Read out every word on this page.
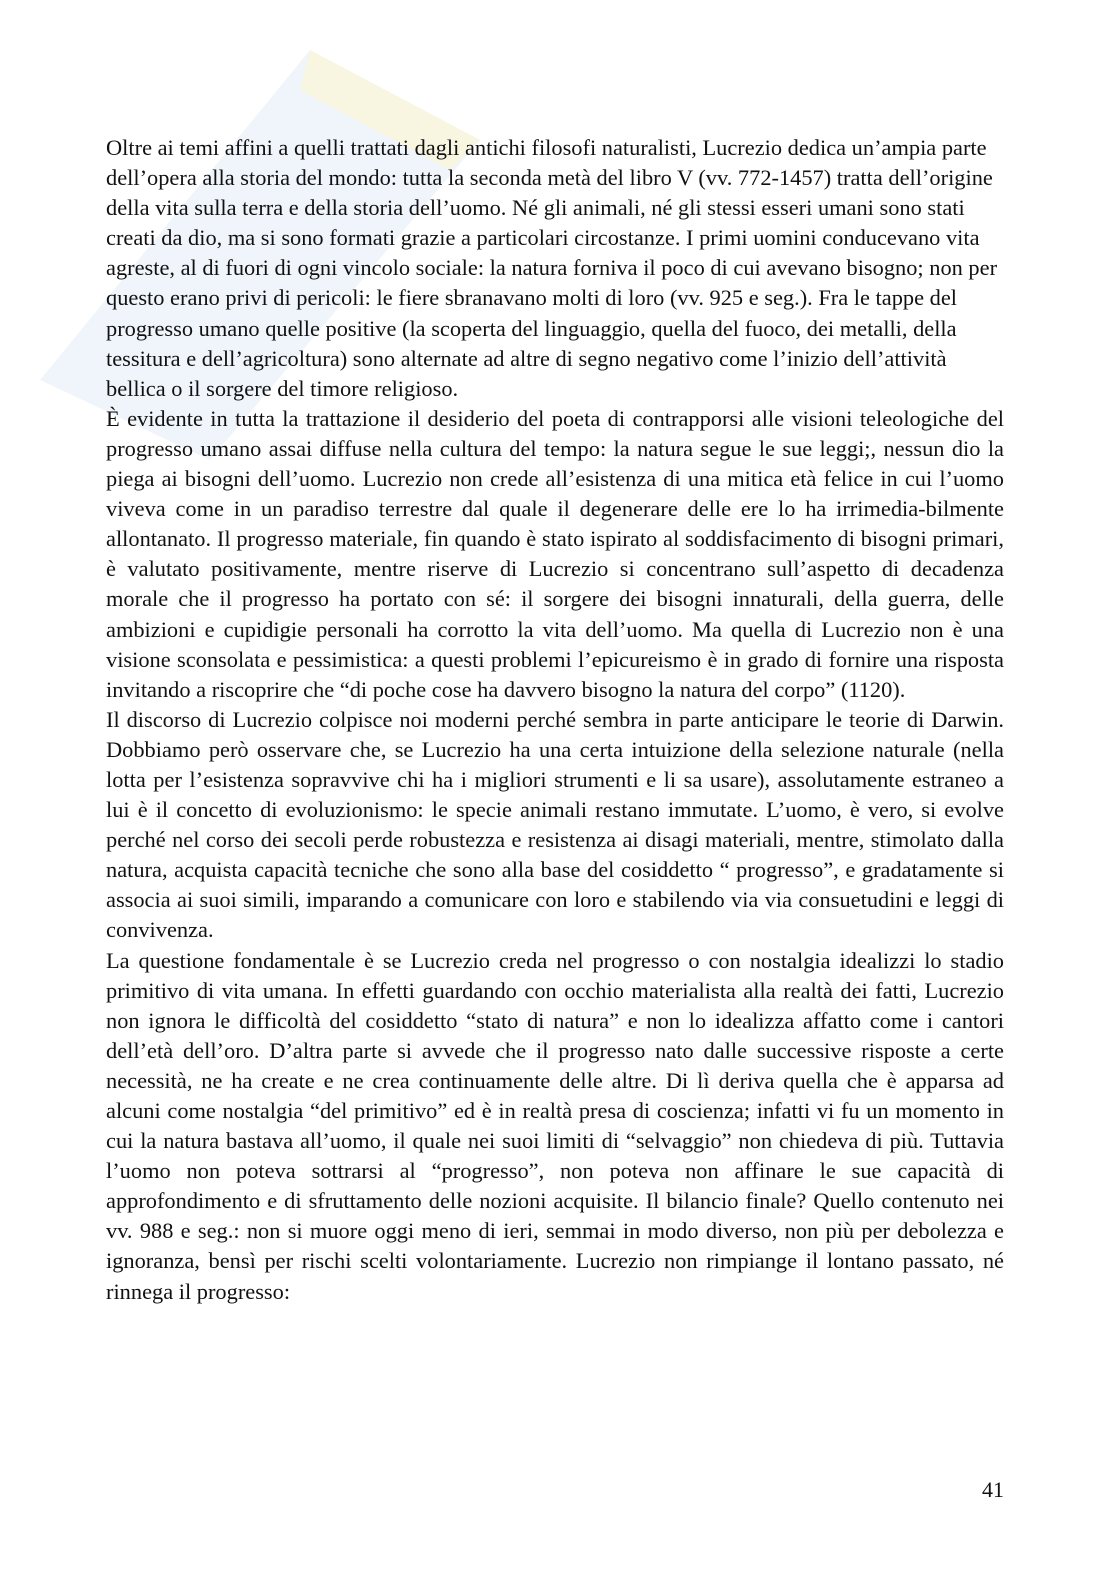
Oltre ai temi affini a quelli trattati dagli antichi filosofi naturalisti, Lucrezio dedica un’ampia parte dell’opera alla storia del mondo: tutta la seconda metà del libro V (vv. 772-1457) tratta dell’origine della vita sulla terra e della storia dell’uomo. Né gli animali, né gli stessi esseri umani sono stati creati da dio, ma si sono formati grazie a particolari circostanze. I primi uomini conducevano vita agreste, al di fuori di ogni vincolo sociale: la natura forniva il poco di cui avevano bisogno; non per questo erano privi di pericoli: le fiere sbranavano molti di loro (vv. 925 e seg.). Fra le tappe del progresso umano quelle positive (la scoperta del linguaggio, quella del fuoco, dei metalli, della tessitura e dell’agricoltura) sono alternate ad altre di segno negativo come l’inizio dell’attività bellica o il sorgere del timore religioso.

È evidente in tutta la trattazione il desiderio del poeta di contrapporsi alle visioni teleologiche del progresso umano assai diffuse nella cultura del tempo: la natura segue le sue leggi;, nessun dio la piega ai bisogni dell’uomo. Lucrezio non crede all’esistenza di una mitica età felice in cui l’uomo viveva come in un paradiso terrestre dal quale il degenerare delle ere lo ha irrimedia-bilmente allontanato. Il progresso materiale, fin quando è stato ispirato al soddisfacimento di bisogni primari, è valutato positivamente, mentre riserve di Lucrezio si concentrano sull’aspetto di decadenza morale che il progresso ha portato con sé: il sorgere dei bisogni innaturali, della guerra, delle ambizioni e cupidigie personali ha corrotto la vita dell’uomo. Ma quella di Lucrezio non è una visione sconsolata e pessimistica: a questi problemi l’epicureismo è in grado di fornire una risposta invitando a riscoprire che “di poche cose ha davvero bisogno la natura del corpo” (1120).

Il discorso di Lucrezio colpisce noi moderni perché sembra in parte anticipare le teorie di Darwin. Dobbiamo però osservare che, se Lucrezio ha una certa intuizione della selezione naturale (nella lotta per l’esistenza sopravvive chi ha i migliori strumenti e li sa usare), assolutamente estraneo a lui è il concetto di evoluzionismo: le specie animali restano immutate. L’uomo, è vero, si evolve perché nel corso dei secoli perde robustezza e resistenza ai disagi materiali, mentre, stimolato dalla natura, acquista capacità tecniche che sono alla base del cosiddetto “ progresso”, e gradatamente si associa ai suoi simili, imparando a comunicare con loro e stabilendo via via consuetudini e leggi di convivenza.

La questione fondamentale è se Lucrezio creda nel progresso o con nostalgia idealizzi lo stadio primitivo di vita umana. In effetti guardando con occhio materialista alla realtà dei fatti, Lucrezio non ignora le difficoltà del cosiddetto “stato di natura” e non lo idealizza affatto come i cantori dell’età dell’oro. D’altra parte si avvede che il progresso nato dalle successive risposte a certe necessità, ne ha create e ne crea continuamente delle altre. Di lì deriva quella che è apparsa ad alcuni come nostalgia “del primitivo” ed è in realtà presa di coscienza; infatti vi fu un momento in cui la natura bastava all’uomo, il quale nei suoi limiti di “selvaggio” non chiedeva di più. Tuttavia l’uomo non poteva sottrarsi al “progresso”, non poteva non affinare le sue capacità di approfondimento e di sfruttamento delle nozioni acquisite. Il bilancio finale? Quello contenuto nei vv. 988 e seg.: non si muore oggi meno di ieri, semmai in modo diverso, non più per debolezza e ignoranza, bensì per rischi scelti volontariamente. Lucrezio non rimpiange il lontano passato, né rinnega il progresso:

41
